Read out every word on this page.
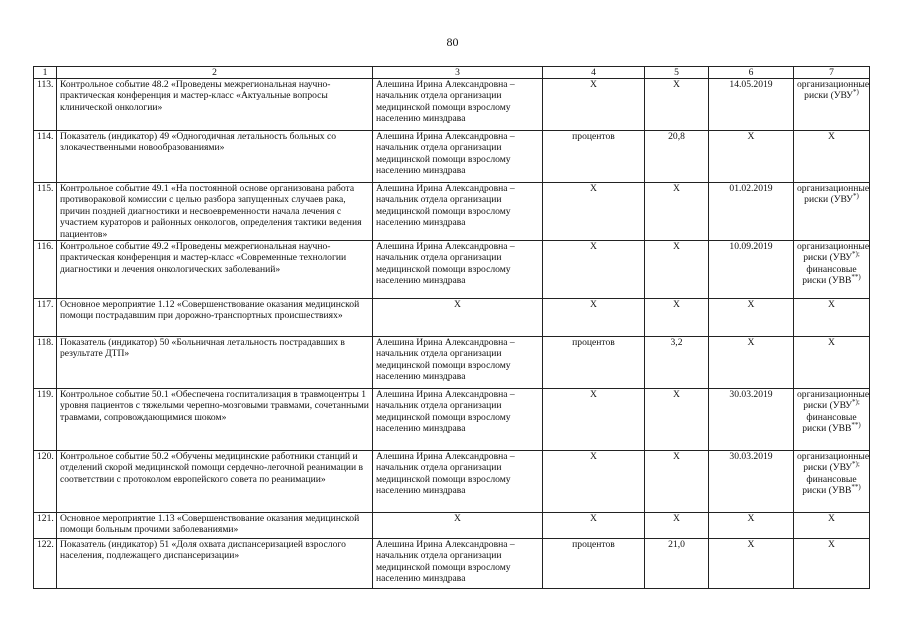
80
1	2	3	4	5	6	7
113.	Контрольное событие 48.2 «Проведены межрегиональная научно-практическая конференция и мастер-класс «Актуальные вопросы клинической онкологии»	Алешина Ирина Александровна – начальник отдела организации медицинской помощи взрослому населению минздрава	Х	Х	14.05.2019	организационные риски (УВУ*)
114.	Показатель (индикатор) 49 «Одногодичная летальность больных со злокачественными новообразованиями»	Алешина Ирина Александровна – начальник отдела организации медицинской помощи взрослому населению минздрава	процентов	20,8	Х	Х
115.	Контрольное событие 49.1 «На постоянной основе организована работа противораковой комиссии с целью разбора запущенных случаев рака, причин поздней диагностики и несвоевременности начала лечения с участием кураторов и районных онкологов, определения тактики ведения пациентов»	Алешина Ирина Александровна – начальник отдела организации медицинской помощи взрослому населению минздрава	Х	Х	01.02.2019	организационные риски (УВУ*)
116.	Контрольное событие 49.2 «Проведены межрегиональная научно-практическая конференция и мастер-класс «Современные технологии диагностики и лечения онкологических заболеваний»	Алешина Ирина Александровна – начальник отдела организации медицинской помощи взрослому населению минздрава	Х	Х	10.09.2019	организационные риски (УВУ*); финансовые риски (УВВ**)
117.	Основное мероприятие 1.12 «Совершенствование оказания медицинской помощи пострадавшим при дорожно-транспортных происшествиях»	Х	Х	Х	Х	Х
118.	Показатель (индикатор) 50 «Больничная летальность пострадавших в результате ДТП»	Алешина Ирина Александровна – начальник отдела организации медицинской помощи взрослому населению минздрава	процентов	3,2	Х	Х
119.	Контрольное событие 50.1 «Обеспечена госпитализация в травмоцентры 1 уровня пациентов с тяжелыми черепно-мозговыми травмами, сочетанными травмами, сопровождающимися шоком»	Алешина Ирина Александровна – начальник отдела организации медицинской помощи взрослому населению минздрава	Х	Х	30.03.2019	организационные риски (УВУ*); финансовые риски (УВВ**)
120.	Контрольное событие 50.2 «Обучены медицинские работники станций и отделений скорой медицинской помощи сердечно-легочной реанимации в соответствии с протоколом европейского совета по реанимации»	Алешина Ирина Александровна – начальник отдела организации медицинской помощи взрослому населению минздрава	Х	Х	30.03.2019	организационные риски (УВУ*); финансовые риски (УВВ**)
121.	Основное мероприятие 1.13 «Совершенствование оказания медицинской помощи больным прочими заболеваниями»	Х	Х	Х	Х	Х
122.	Показатель (индикатор) 51 «Доля охвата диспансеризацией взрослого населения, подлежащего диспансеризации»	Алешина Ирина Александровна – начальник отдела организации медицинской помощи взрослому населению минздрава	процентов	21,0	Х	Х
